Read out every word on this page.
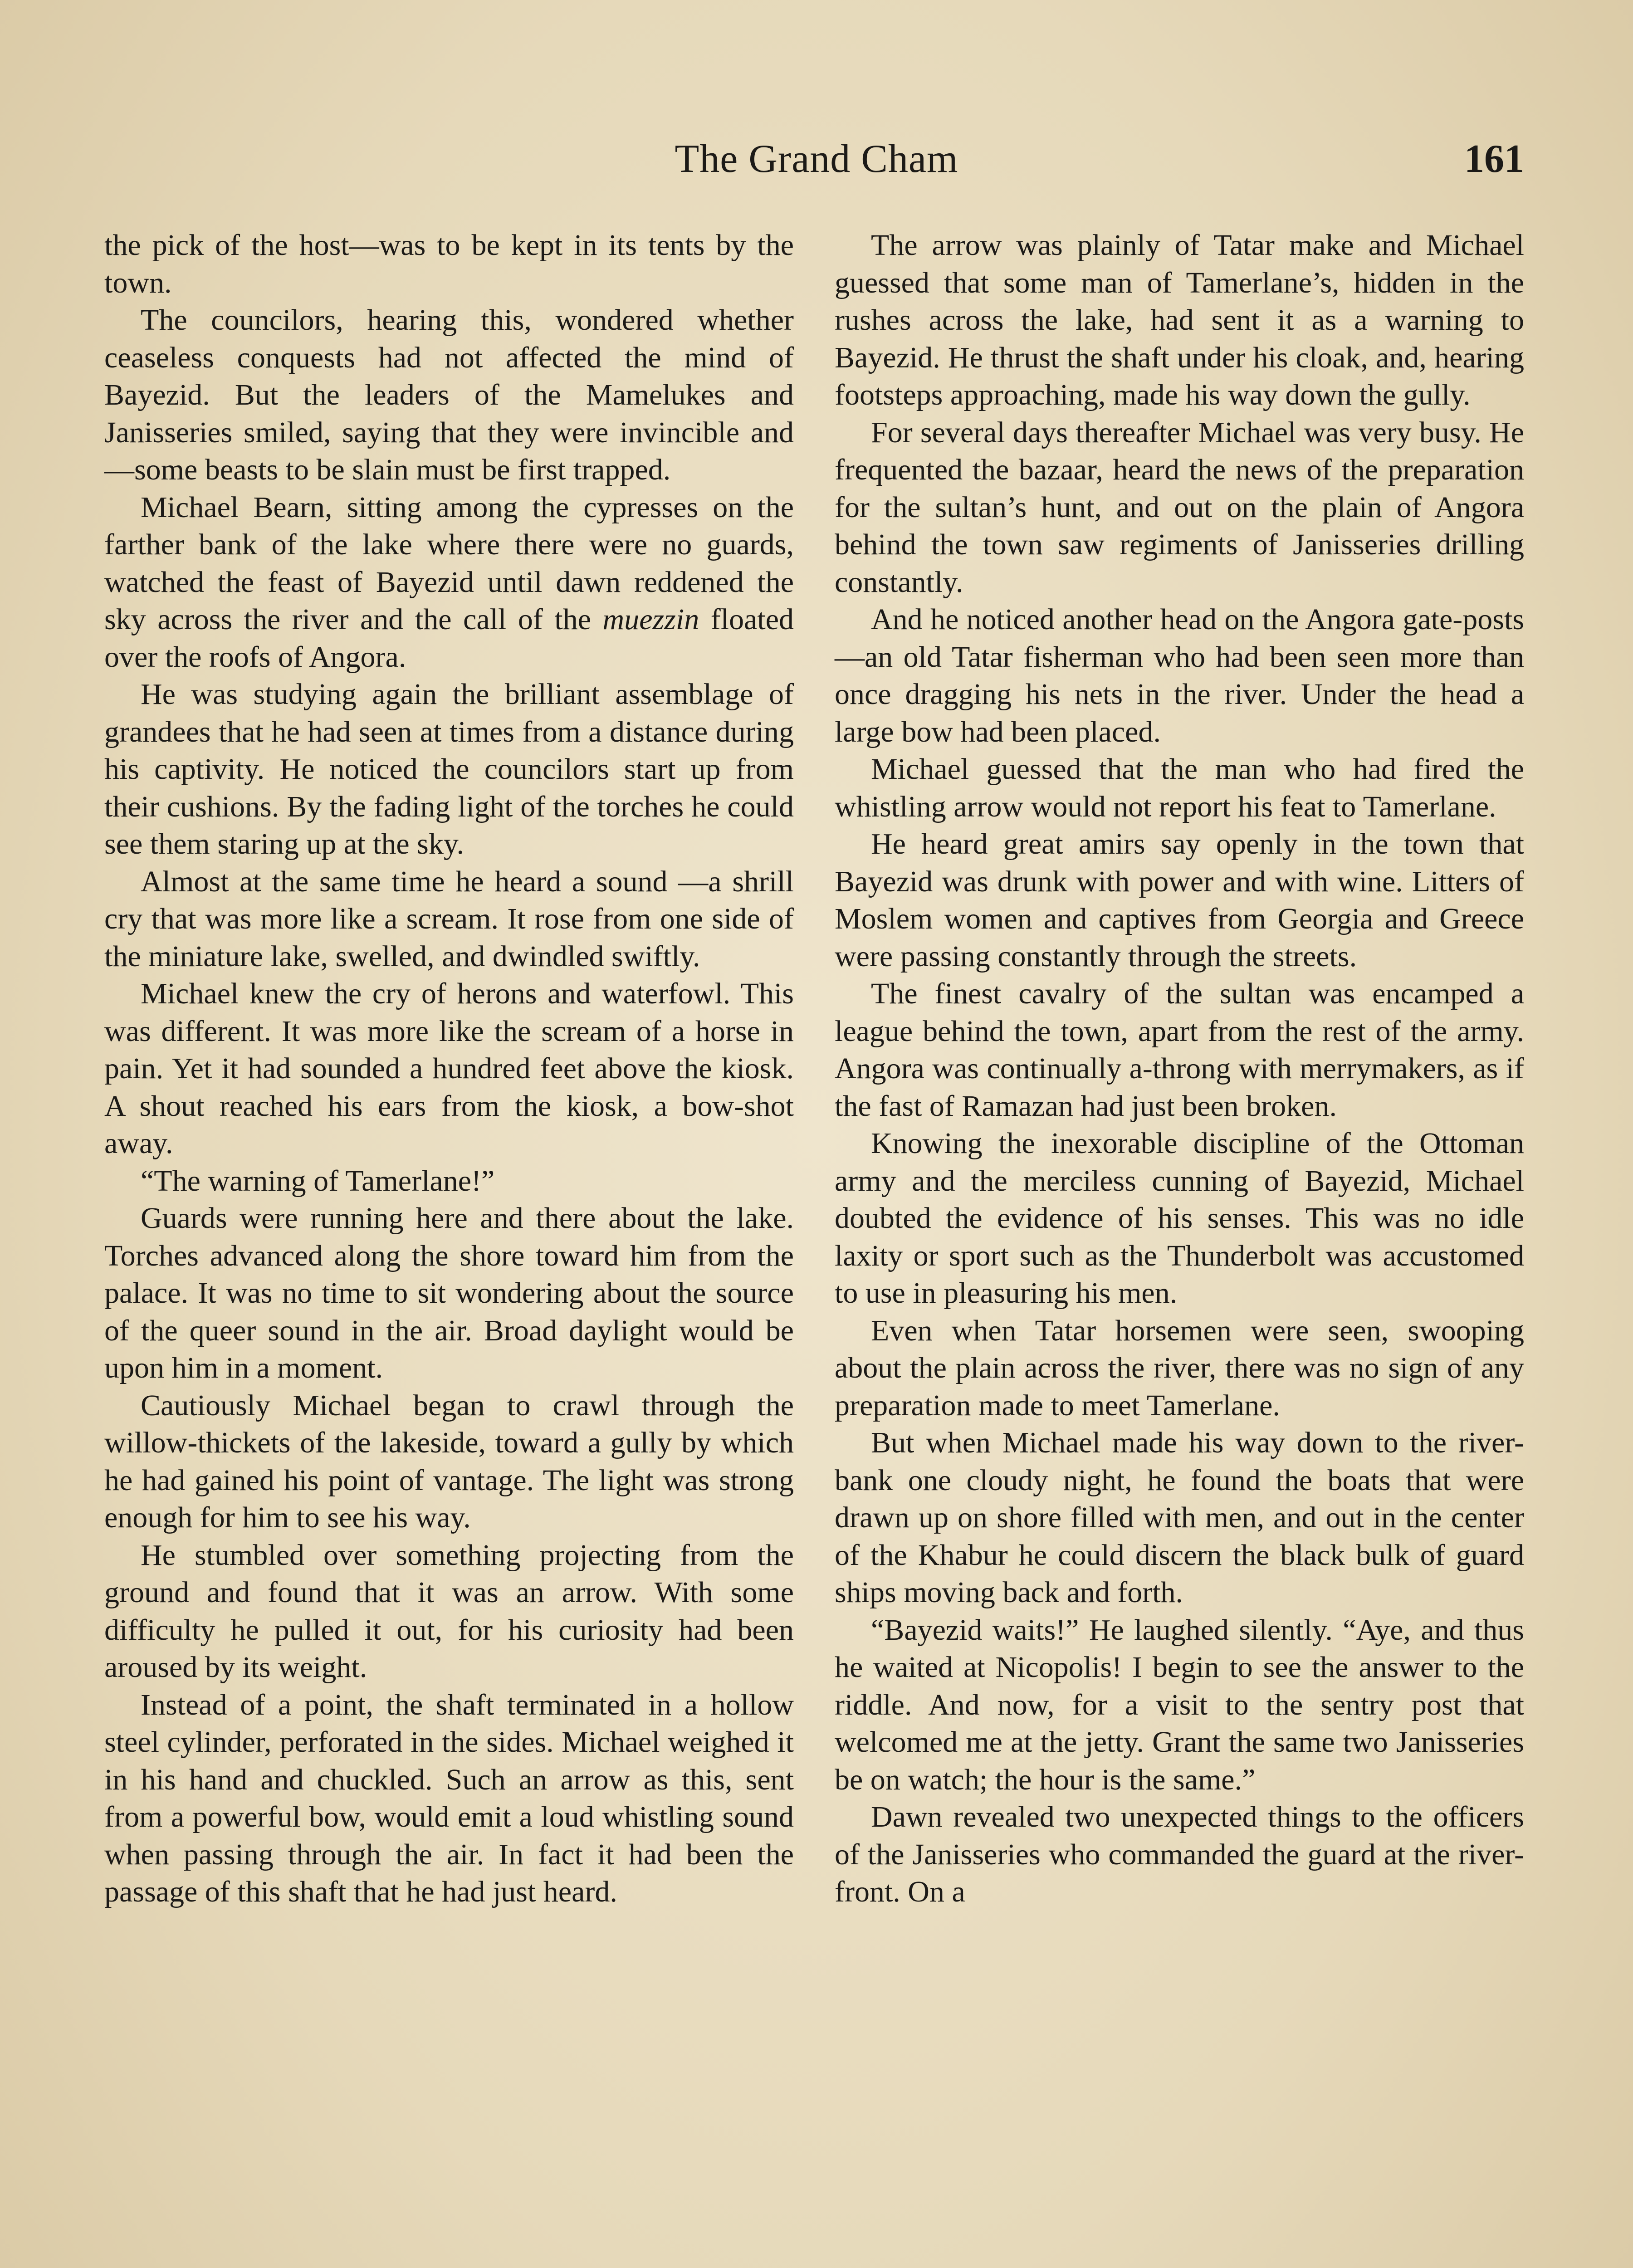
The Grand Cham	161

the pick of the host—was to be kept in its tents by the town.

The councilors, hearing this, wondered whether ceaseless conquests had not affected the mind of Bayezid. But the leaders of the Mamelukes and Janisseries smiled, saying that they were invincible and—some beasts to be slain must be first trapped.

Michael Bearn, sitting among the cypresses on the farther bank of the lake where there were no guards, watched the feast of Bayezid until dawn reddened the sky across the river and the call of the muezzin floated over the roofs of Angora.

He was studying again the brilliant assemblage of grandees that he had seen at times from a distance during his captivity. He noticed the councilors start up from their cushions. By the fading light of the torches he could see them staring up at the sky.

Almost at the same time he heard a sound —a shrill cry that was more like a scream. It rose from one side of the miniature lake, swelled, and dwindled swiftly.

Michael knew the cry of herons and waterfowl. This was different. It was more like the scream of a horse in pain. Yet it had sounded a hundred feet above the kiosk. A shout reached his ears from the kiosk, a bow-shot away.

“The warning of Tamerlane!”

Guards were running here and there about the lake. Torches advanced along the shore toward him from the palace. It was no time to sit wondering about the source of the queer sound in the air. Broad daylight would be upon him in a moment.

Cautiously Michael began to crawl through the willow-thickets of the lakeside, toward a gully by which he had gained his point of vantage. The light was strong enough for him to see his way.

He stumbled over something projecting from the ground and found that it was an arrow. With some difficulty he pulled it out, for his curiosity had been aroused by its weight.

Instead of a point, the shaft terminated in a hollow steel cylinder, perforated in the sides. Michael weighed it in his hand and chuckled. Such an arrow as this, sent from a powerful bow, would emit a loud whistling sound when passing through the air. In fact it had been the passage of this shaft that he had just heard.

The arrow was plainly of Tatar make and Michael guessed that some man of Tamerlane’s, hidden in the rushes across the lake, had sent it as a warning to Bayezid. He thrust the shaft under his cloak, and, hearing footsteps approaching, made his way down the gully.

For several days thereafter Michael was very busy. He frequented the bazaar, heard the news of the preparation for the sultan’s hunt, and out on the plain of Angora behind the town saw regiments of Janisseries drilling constantly.

And he noticed another head on the Angora gate-posts—an old Tatar fisherman who had been seen more than once dragging his nets in the river. Under the head a large bow had been placed.

Michael guessed that the man who had fired the whistling arrow would not report his feat to Tamerlane.

He heard great amirs say openly in the town that Bayezid was drunk with power and with wine. Litters of Moslem women and captives from Georgia and Greece were passing constantly through the streets.

The finest cavalry of the sultan was encamped a league behind the town, apart from the rest of the army. Angora was continually a-throng with merrymakers, as if the fast of Ramazan had just been broken.

Knowing the inexorable discipline of the Ottoman army and the merciless cunning of Bayezid, Michael doubted the evidence of his senses. This was no idle laxity or sport such as the Thunderbolt was accustomed to use in pleasuring his men.

Even when Tatar horsemen were seen, swooping about the plain across the river, there was no sign of any preparation made to meet Tamerlane.

But when Michael made his way down to the river-bank one cloudy night, he found the boats that were drawn up on shore filled with men, and out in the center of the Khabur he could discern the black bulk of guard ships moving back and forth.

“Bayezid waits!” He laughed silently. “Aye, and thus he waited at Nicopolis! I begin to see the answer to the riddle. And now, for a visit to the sentry post that welcomed me at the jetty. Grant the same two Janisseries be on watch; the hour is the same.”

Dawn revealed two unexpected things to the officers of the Janisseries who commanded the guard at the river-front. On a
